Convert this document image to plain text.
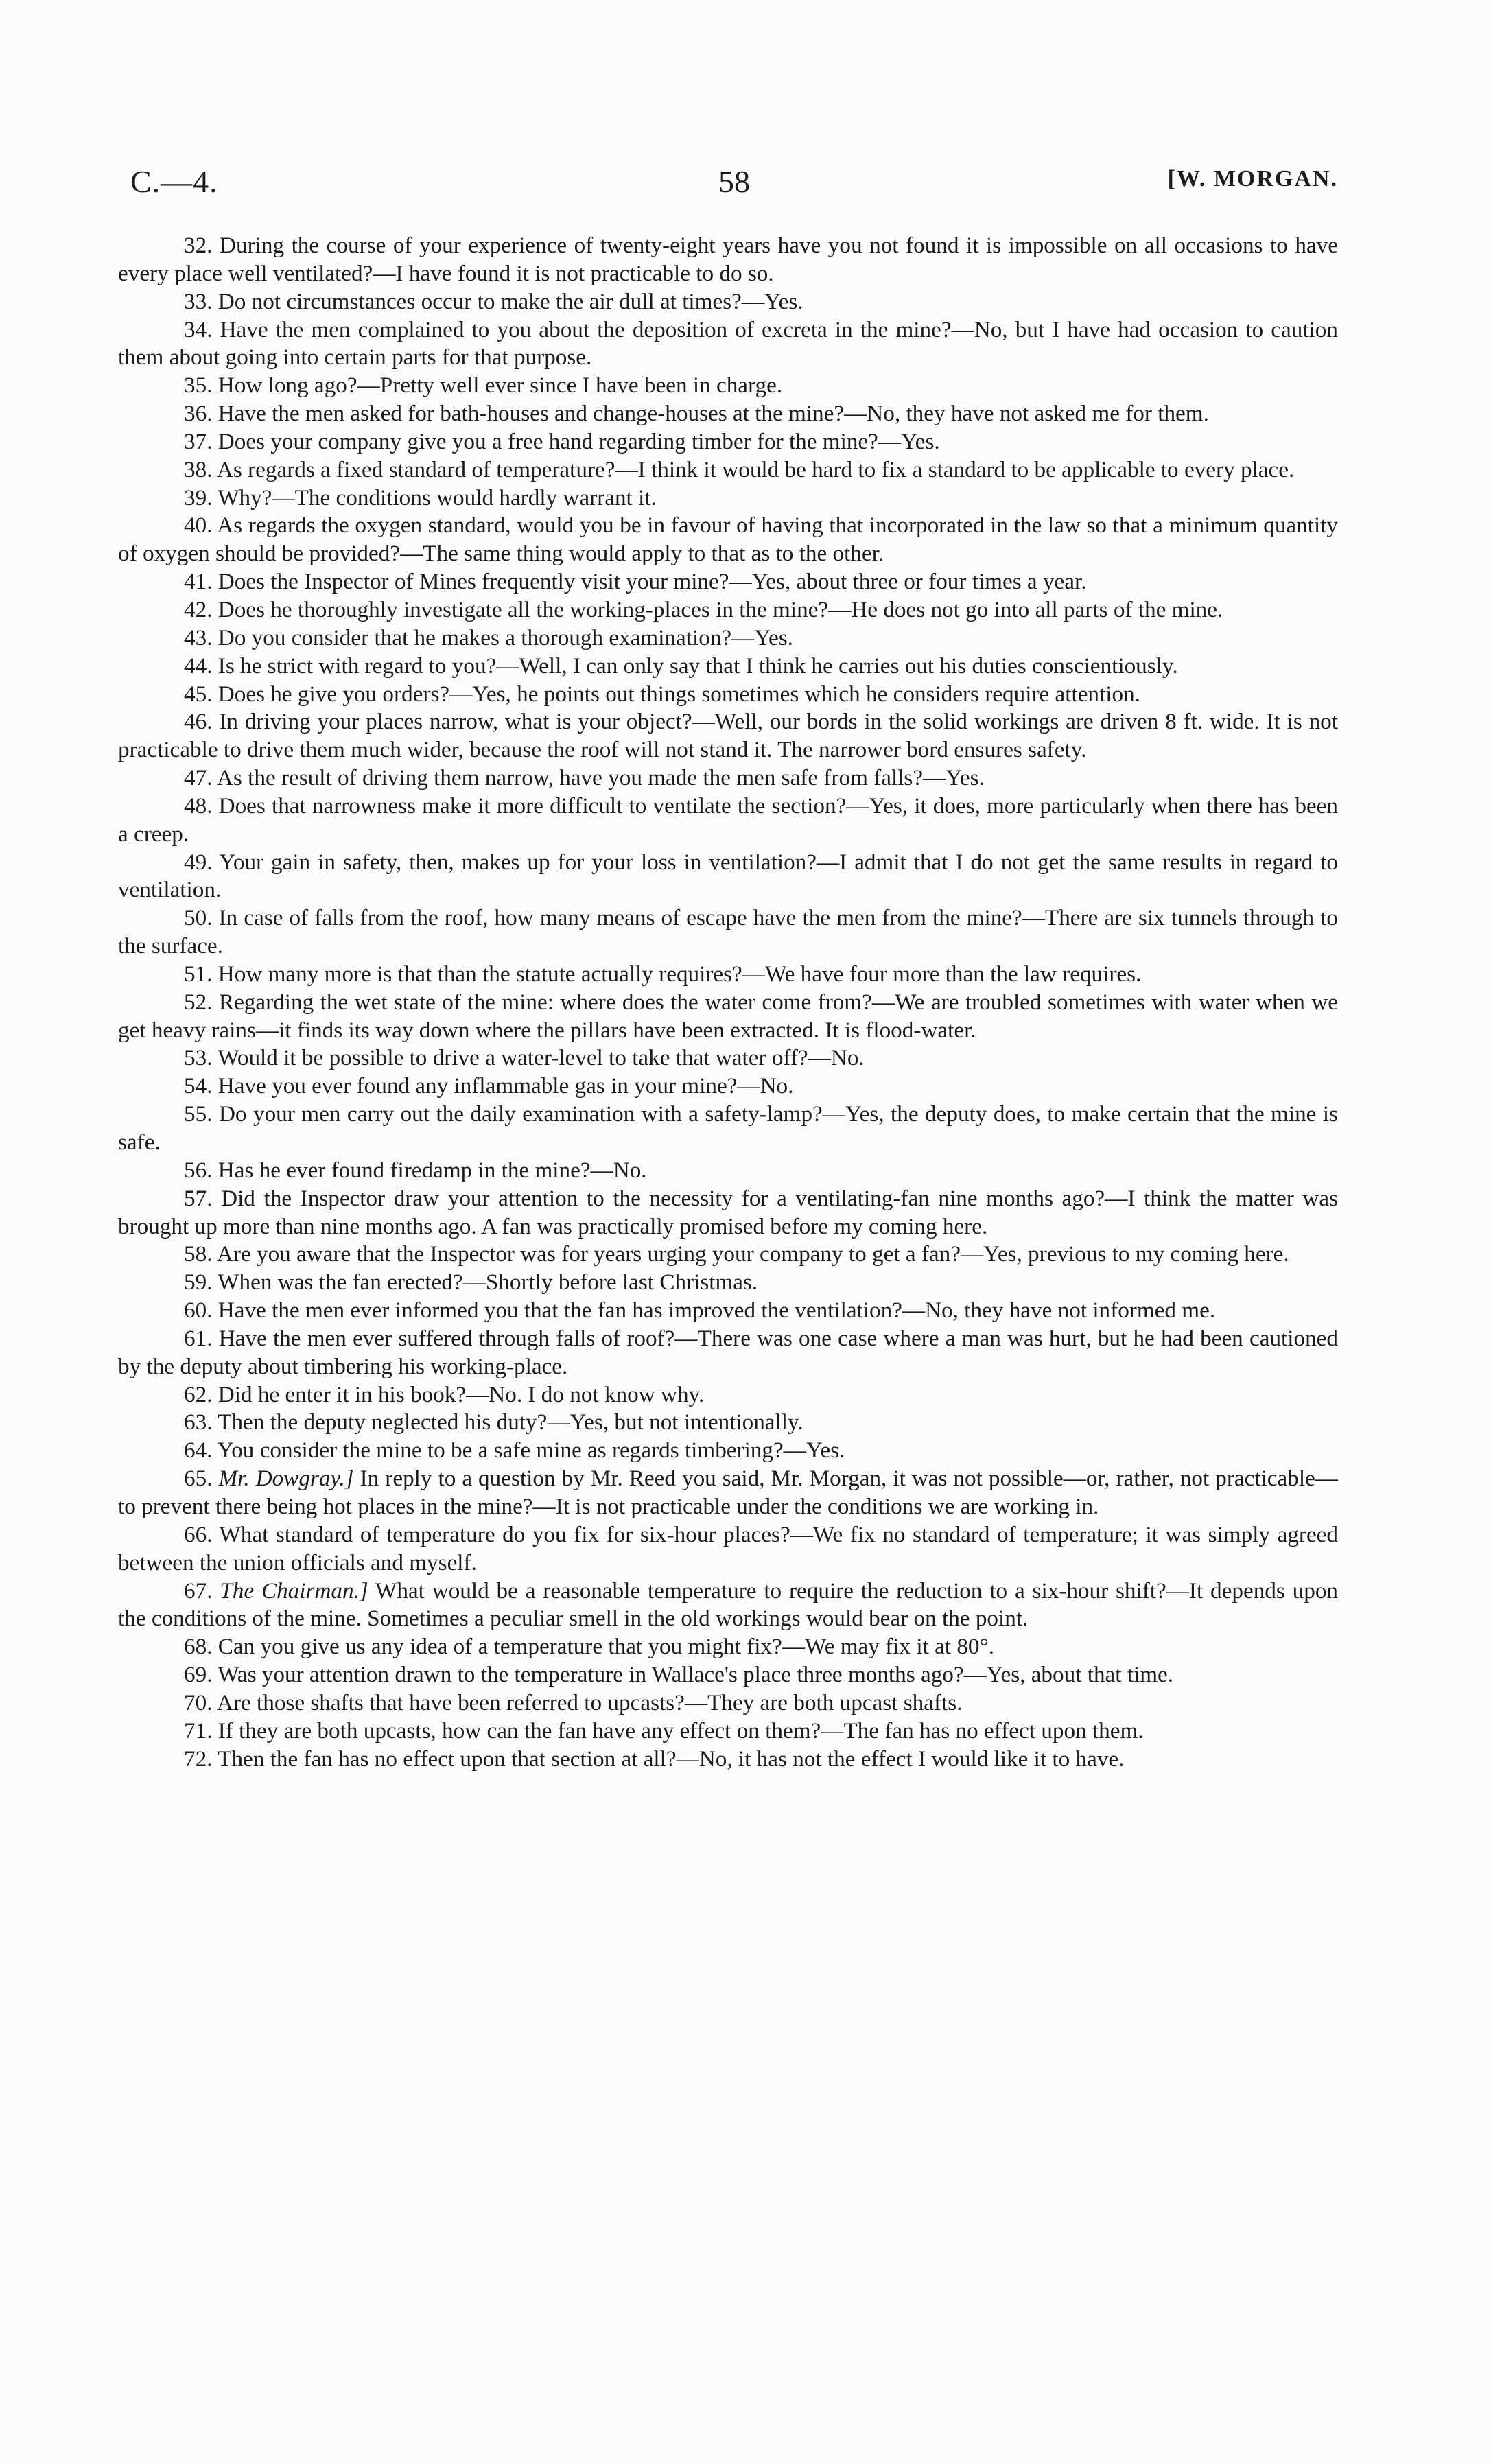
C.—4.	58	[W. MORGAN.

32. During the course of your experience of twenty-eight years have you not found it is impossible on all occasions to have every place well ventilated?—I have found it is not practicable to do so.

33. Do not circumstances occur to make the air dull at times?—Yes.

34. Have the men complained to you about the deposition of excreta in the mine?—No, but I have had occasion to caution them about going into certain parts for that purpose.

35. How long ago?—Pretty well ever since I have been in charge.

36. Have the men asked for bath-houses and change-houses at the mine?—No, they have not asked me for them.

37. Does your company give you a free hand regarding timber for the mine?—Yes.

38. As regards a fixed standard of temperature?—I think it would be hard to fix a standard to be applicable to every place.

39. Why?—The conditions would hardly warrant it.

40. As regards the oxygen standard, would you be in favour of having that incorporated in the law so that a minimum quantity of oxygen should be provided?—The same thing would apply to that as to the other.

41. Does the Inspector of Mines frequently visit your mine?—Yes, about three or four times a year.

42. Does he thoroughly investigate all the working-places in the mine?—He does not go into all parts of the mine.

43. Do you consider that he makes a thorough examination?—Yes.

44. Is he strict with regard to you?—Well, I can only say that I think he carries out his duties conscientiously.

45. Does he give you orders?—Yes, he points out things sometimes which he considers require attention.

46. In driving your places narrow, what is your object?—Well, our bords in the solid workings are driven 8 ft. wide. It is not practicable to drive them much wider, because the roof will not stand it. The narrower bord ensures safety.

47. As the result of driving them narrow, have you made the men safe from falls?—Yes.

48. Does that narrowness make it more difficult to ventilate the section?—Yes, it does, more particularly when there has been a creep.

49. Your gain in safety, then, makes up for your loss in ventilation?—I admit that I do not get the same results in regard to ventilation.

50. In case of falls from the roof, how many means of escape have the men from the mine?—There are six tunnels through to the surface.

51. How many more is that than the statute actually requires?—We have four more than the law requires.

52. Regarding the wet state of the mine: where does the water come from?—We are troubled sometimes with water when we get heavy rains—it finds its way down where the pillars have been extracted. It is flood-water.

53. Would it be possible to drive a water-level to take that water off?—No.

54. Have you ever found any inflammable gas in your mine?—No.

55. Do your men carry out the daily examination with a safety-lamp?—Yes, the deputy does, to make certain that the mine is safe.

56. Has he ever found firedamp in the mine?—No.

57. Did the Inspector draw your attention to the necessity for a ventilating-fan nine months ago?—I think the matter was brought up more than nine months ago. A fan was practically promised before my coming here.

58. Are you aware that the Inspector was for years urging your company to get a fan?—Yes, previous to my coming here.

59. When was the fan erected?—Shortly before last Christmas.

60. Have the men ever informed you that the fan has improved the ventilation?—No, they have not informed me.

61. Have the men ever suffered through falls of roof?—There was one case where a man was hurt, but he had been cautioned by the deputy about timbering his working-place.

62. Did he enter it in his book?—No. I do not know why.

63. Then the deputy neglected his duty?—Yes, but not intentionally.

64. You consider the mine to be a safe mine as regards timbering?—Yes.

65. Mr. Dowgray.] In reply to a question by Mr. Reed you said, Mr. Morgan, it was not possible—or, rather, not practicable—to prevent there being hot places in the mine?—It is not practicable under the conditions we are working in.

66. What standard of temperature do you fix for six-hour places?—We fix no standard of temperature; it was simply agreed between the union officials and myself.

67. The Chairman.] What would be a reasonable temperature to require the reduction to a six-hour shift?—It depends upon the conditions of the mine. Sometimes a peculiar smell in the old workings would bear on the point.

68. Can you give us any idea of a temperature that you might fix?—We may fix it at 80°.

69. Was your attention drawn to the temperature in Wallace's place three months ago?—Yes, about that time.

70. Are those shafts that have been referred to upcasts?—They are both upcast shafts.

71. If they are both upcasts, how can the fan have any effect on them?—The fan has no effect upon them.

72. Then the fan has no effect upon that section at all?—No, it has not the effect I would like it to have.
